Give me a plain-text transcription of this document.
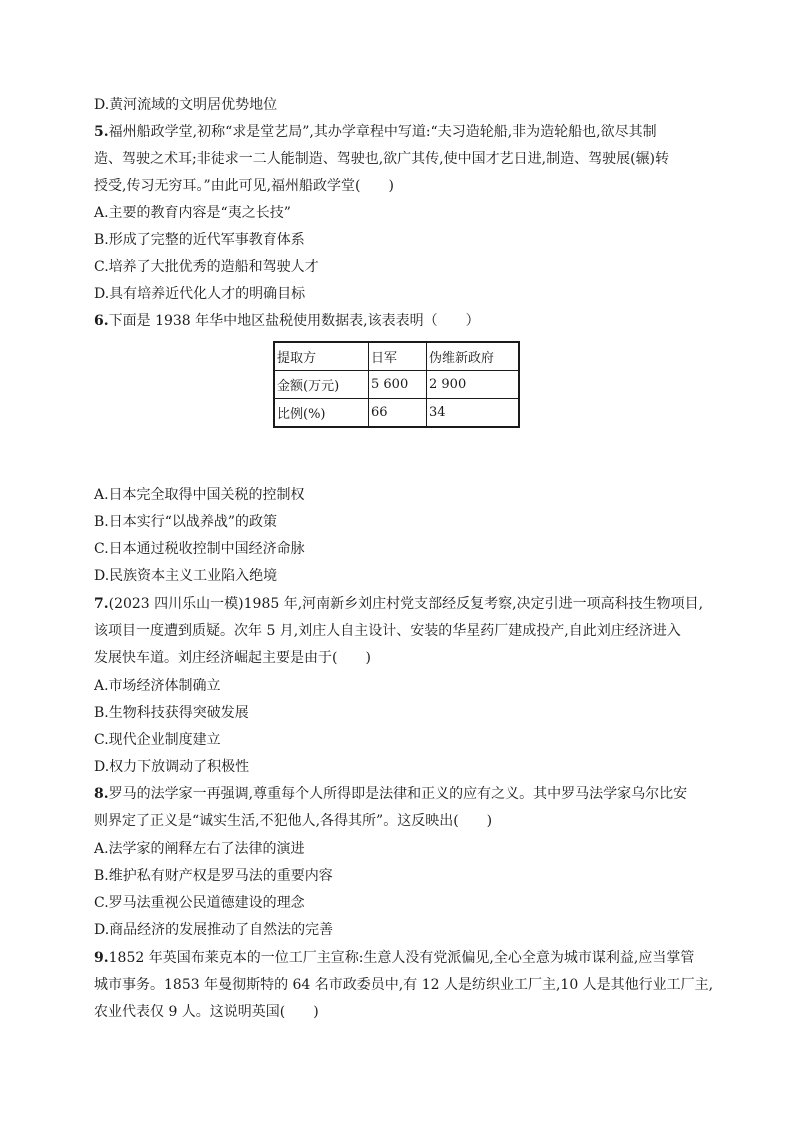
D.黄河流域的文明居优势地位
5.福州船政学堂,初称“求是堂艺局”,其办学章程中写道:“夫习造轮船,非为造轮船也,欲尽其制
造、驾驶之术耳;非徒求一二人能制造、驾驶也,欲广其传,使中国才艺日进,制造、驾驶展(辗)转
授受,传习无穷耳。”由此可见,福州船政学堂(　　)
A.主要的教育内容是“夷之长技”
B.形成了完整的近代军事教育体系
C.培养了大批优秀的造船和驾驶人才
D.具有培养近代化人才的明确目标
6.下面是 1938 年华中地区盐税使用数据表,该表表明（　　）
提取方	日军	伪维新政府
金额(万元)	5 600	2 900
比例(%)	66	34
A.日本完全取得中国关税的控制权
B.日本实行“以战养战”的政策
C.日本通过税收控制中国经济命脉
D.民族资本主义工业陷入绝境
7.(2023 四川乐山一模)1985 年,河南新乡刘庄村党支部经反复考察,决定引进一项高科技生物项目,
该项目一度遭到质疑。次年 5 月,刘庄人自主设计、安装的华星药厂建成投产,自此刘庄经济进入
发展快车道。刘庄经济崛起主要是由于(　　)
A.市场经济体制确立
B.生物科技获得突破发展
C.现代企业制度建立
D.权力下放调动了积极性
8.罗马的法学家一再强调,尊重每个人所得即是法律和正义的应有之义。其中罗马法学家乌尔比安
则界定了正义是“诚实生活,不犯他人,各得其所”。这反映出(　　)
A.法学家的阐释左右了法律的演进
B.维护私有财产权是罗马法的重要内容
C.罗马法重视公民道德建设的理念
D.商品经济的发展推动了自然法的完善
9.1852 年英国布莱克本的一位工厂主宣称:生意人没有党派偏见,全心全意为城市谋利益,应当掌管
城市事务。1853 年曼彻斯特的 64 名市政委员中,有 12 人是纺织业工厂主,10 人是其他行业工厂主,
农业代表仅 9 人。这说明英国(　　)
